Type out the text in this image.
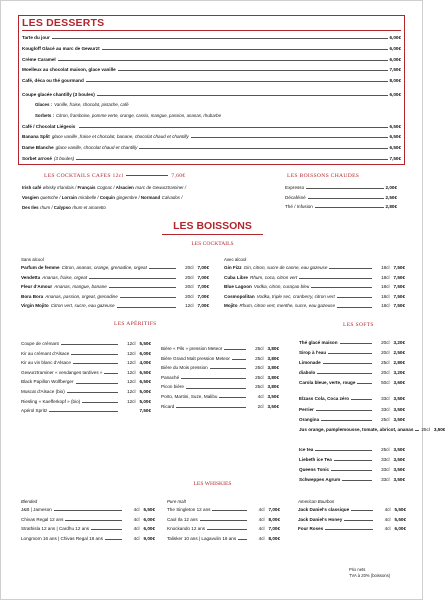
LES DESSERTS
Tarte du jour	6,00€
Kougloff Glacé au marc de Gewurzt	6,00€
Crème Caramel	6,00€
Moelleux au chocolat maison, glace vanille	7,50€
Café, déca ou thé gourmand	8,00€
Coupe glacée chantilly (3 boules)	6,00€
Café / Chocolat Liégeois	6,50€
Banana Split glace vanille ,fraise et chocolat, banane, chocolat chaud et chantilly	6,50€
Dame Blanche glace vanille, chocolat chaud et chantilly	6,50€
Sorbet arrosé (3 boules)	7,50€
Glaces : Vanille, fraise, chocolat, pistache, café
Sorbets : Citron, framboise, pomme verte, orange, cassis, mangue, passion, ananas, rhubarbe
LES COCKTAILS CAFES 12cl	7,60€
Irish café whisky Irlandais / Français Cognac / Alsacien marc de Gewurztraminer /
Vosgien quetsche / Lorrain mirabelle / Coquin gingembre / Normand Calvados /
Des Iles rhum / Calypso rhum et amaretto
LES BOISSONS CHAUDES
Expresso	2,00€
Décaféiné	2,50€
Thé / Infusion	2,80€
LES BOISSONS
LES COCKTAILS
Sans alcool	Avec alcool
Parfum de femme Citron, ananas, orange, grenadine, orgeat	20cl 7,00€
Vendetta Ananas, fraise, orgeat	20cl 7,00€
Fleur d'Amour Ananas, mangue, banane	20cl 7,00€
Bora Bora Ananas, passion, orgeat, grenadine	20cl 7,00€
Virgin Mojito Citron vert, sucre, eau gazeuse	12cl 7,00€
Gin Fizz Gin, citron, sucre de canne, eau gazeuse	18cl 7,50€
Cuba Libre Rhum, coca, citron vert	18cl 7,50€
Blue Lagoon Vodka, citron, curaçao bleu	18cl 7,50€
Cosmopolitan Vodka, triple sec, cranberry, citron vert	18cl 7,50€
Mojito Rhum, citron vert, menthe, sucre, eau gazeuse	18cl 7,50€
LES APÉRITIFS
Coupe de crémant	12cl 5,50€
Kir au crémant d'Alsace	12cl 6,00€
Kir au vin blanc d'Alsace	12cl 4,00€
Gewurztraminer « vendanges tardives »	12cl 6,50€
Black Papillon Wolfberger	12cl 6,50€
Muscat d'Alsace (bio)	12cl 5,00€
Riesling « Kaefferkopf » (bio)	12cl 5,00€
Apérol Spritz	7,50€
Bière « Pils » pression Meteor	25cl 3,80€
Bière Grand Malt pression Meteor	25cl 3,80€
Bière du Mois pression	25cl 3,80€
Panaché	25cl 3,80€
Picon bière	25cl 3,80€
Porto, Martini, Suze, Malibu	4cl 3,50€
Ricard	2cl 3,50€
LES SOFTS
Thé glacé maison	20cl 3,20€
Sirop à l'eau	20cl 2,50€
Limonade	25cl 2,80€
diabolo	20cl 3,20€
Carola bleue, verte, rouge	50cl 3,60€
Elzass Cola, Coca zéro	33cl 3,50€
Perrier	33cl 3,50€
Orangina	25cl 3,50€
Jus orange, pamplemousse, tomate, abricot, ananas 25cl 3,50€
Ice tea	25cl 3,50€
Liebeth ice Tea	33cl 3,50€
Queens Tonic	33cl 3,50€
Schweppes Agrum	33cl 3,50€
LES WHISKIES
Blended	Pure malt	American Bourbon
J&B | Jameson	4cl 5,50€
Chivas Regal 12 ans	4cl 6,00€
Strathisla 12 ans | Cardhu 12 ans	4cl 6,00€
Longmorn 16 ans | Chivas Regal 18 ans	4cl 9,00€
The Singleton 12 ans	4cl 7,00€
Caol Ila 12 ans	4cl 8,00€
Knockando 12 ans	4cl 7,00€
Talisker 10 ans | Lagavulin 16 ans	4cl 8,00€
Jack Daniel's classique	4cl 5,50€
Jack Daniel's Honey	4cl 5,50€
Four Roses	4cl 6,00€
Prix nets
TVA à 20% (boissons)
